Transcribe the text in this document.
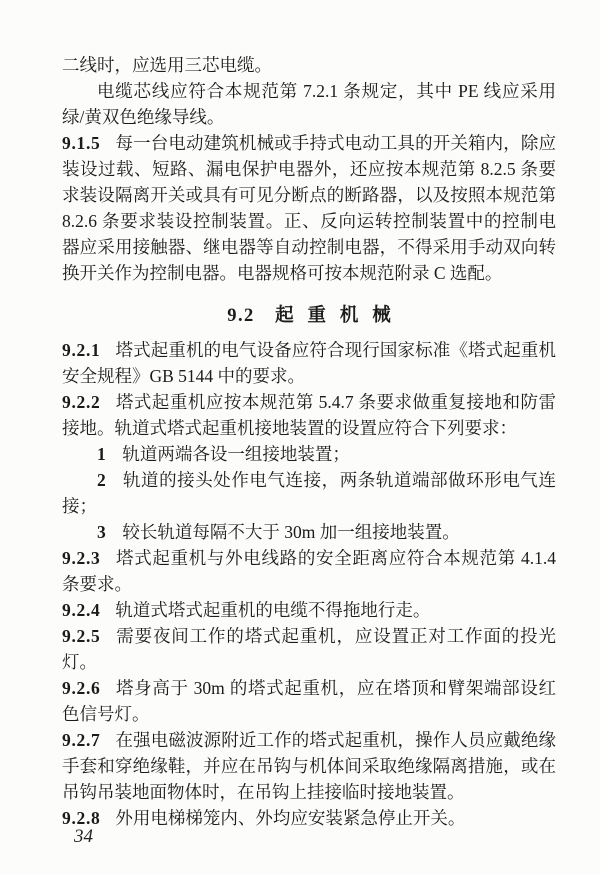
二线时，应选用三芯电缆。

电缆芯线应符合本规范第 7.2.1 条规定，其中 PE 线应采用绿/黄双色绝缘导线。

9.1.5 每一台电动建筑机械或手持式电动工具的开关箱内，除应装设过载、短路、漏电保护电器外，还应按本规范第 8.2.5 条要求装设隔离开关或具有可见分断点的断路器，以及按照本规范第 8.2.6 条要求装设控制装置。正、反向运转控制装置中的控制电器应采用接触器、继电器等自动控制电器，不得采用手动双向转换开关作为控制电器。电器规格可按本规范附录 C 选配。

9.2 起重机械

9.2.1 塔式起重机的电气设备应符合现行国家标准《塔式起重机安全规程》GB 5144 中的要求。

9.2.2 塔式起重机应按本规范第 5.4.7 条要求做重复接地和防雷接地。轨道式塔式起重机接地装置的设置应符合下列要求：

1 轨道两端各设一组接地装置；

2 轨道的接头处作电气连接，两条轨道端部做环形电气连接；

3 较长轨道每隔不大于 30m 加一组接地装置。

9.2.3 塔式起重机与外电线路的安全距离应符合本规范第 4.1.4 条要求。

9.2.4 轨道式塔式起重机的电缆不得拖地行走。

9.2.5 需要夜间工作的塔式起重机，应设置正对工作面的投光灯。

9.2.6 塔身高于 30m 的塔式起重机，应在塔顶和臂架端部设红色信号灯。

9.2.7 在强电磁波源附近工作的塔式起重机，操作人员应戴绝缘手套和穿绝缘鞋，并应在吊钩与机体间采取绝缘隔离措施，或在吊钩吊装地面物体时，在吊钩上挂接临时接地装置。

9.2.8 外用电梯梯笼内、外均应安装紧急停止开关。

34
